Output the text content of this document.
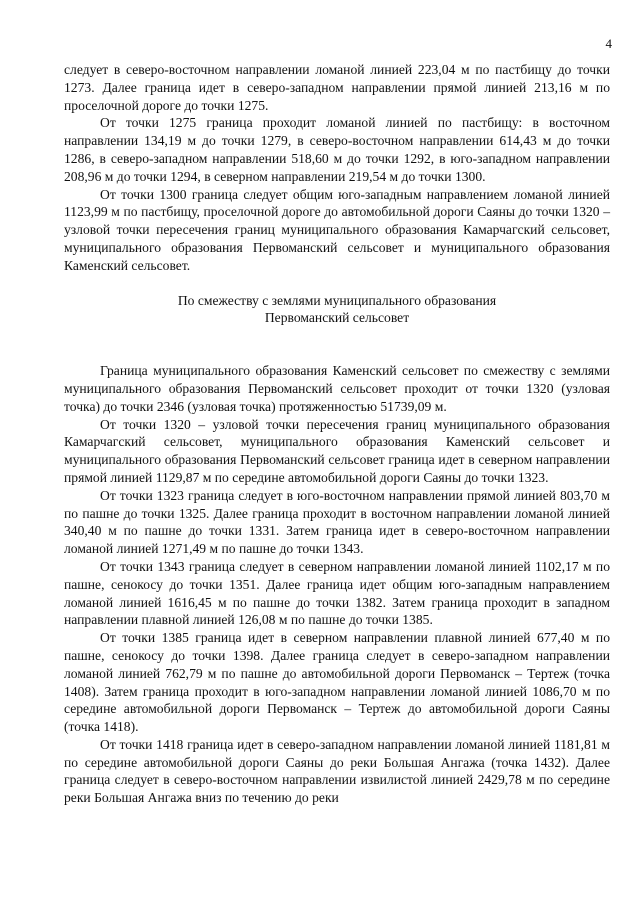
4

следует в северо-восточном направлении ломаной линией 223,04 м по пастбищу до точки 1273. Далее граница идет в северо-западном направлении прямой линией 213,16 м по проселочной дороге до точки 1275.

От точки 1275 граница проходит ломаной линией по пастбищу: в восточном направлении 134,19 м до точки 1279, в северо-восточном направлении 614,43 м до точки 1286, в северо-западном направлении 518,60 м до точки 1292, в юго-западном направлении 208,96 м до точки 1294, в северном направлении 219,54 м до точки 1300.

От точки 1300 граница следует общим юго-западным направлением ломаной линией 1123,99 м по пастбищу, проселочной дороге до автомобильной дороги Саяны до точки 1320 – узловой точки пересечения границ муниципального образования Камарчагский сельсовет, муниципального образования Первоманский сельсовет и муниципального образования Каменский сельсовет.

По смежеству с землями муниципального образования
Первоманский сельсовет

Граница муниципального образования Каменский сельсовет по смежеству с землями муниципального образования Первоманский сельсовет проходит от точки 1320 (узловая точка) до точки 2346 (узловая точка) протяженностью 51739,09 м.

От точки 1320 – узловой точки пересечения границ муниципального образования Камарчагский сельсовет, муниципального образования Каменский сельсовет и муниципального образования Первоманский сельсовет граница идет в северном направлении прямой линией 1129,87 м по середине автомобильной дороги Саяны до точки 1323.

От точки 1323 граница следует в юго-восточном направлении прямой линией 803,70 м по пашне до точки 1325. Далее граница проходит в восточном направлении ломаной линией 340,40 м по пашне до точки 1331. Затем граница идет в северо-восточном направлении ломаной линией 1271,49 м по пашне до точки 1343.

От точки 1343 граница следует в северном направлении ломаной линией 1102,17 м по пашне, сенокосу до точки 1351. Далее граница идет общим юго-западным направлением ломаной линией 1616,45 м по пашне до точки 1382. Затем граница проходит в западном направлении плавной линией 126,08 м по пашне до точки 1385.

От точки 1385 граница идет в северном направлении плавной линией 677,40 м по пашне, сенокосу до точки 1398. Далее граница следует в северо-западном направлении ломаной линией 762,79 м по пашне до автомобильной дороги Первоманск – Тертеж (точка 1408). Затем граница проходит в юго-западном направлении ломаной линией 1086,70 м по середине автомобильной дороги Первоманск – Тертеж до автомобильной дороги Саяны (точка 1418).

От точки 1418 граница идет в северо-западном направлении ломаной линией 1181,81 м по середине автомобильной дороги Саяны до реки Большая Ангажа (точка 1432). Далее граница следует в северо-восточном направлении извилистой линией 2429,78 м по середине реки Большая Ангажа вниз по течению до реки
